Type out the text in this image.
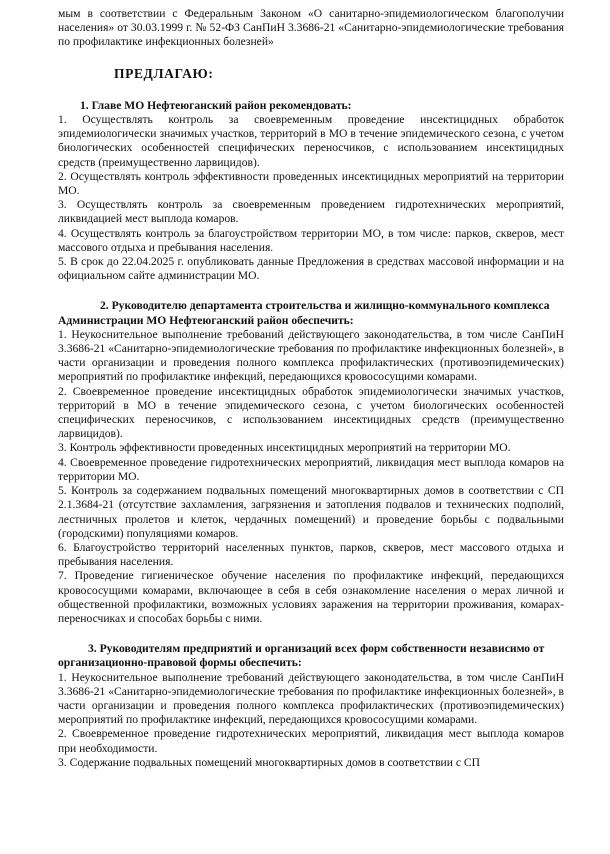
мым в соответствии с Федеральным Законом «О санитарно-эпидемиологическом благополучии населения» от 30.03.1999 г. № 52-ФЗ СанПиН 3.3686-21 «Санитарно-эпидемиологические требования по профилактике инфекционных болезней»

ПРЕДЛАГАЮ:

1. Главе МО Нефтеюганский район рекомендовать:

1. Осуществлять контроль за своевременным проведение инсектицидных обработок эпидемиологически значимых участков, территорий в МО в течение эпидемического сезона, с учетом биологических особенностей специфических переносчиков, с использованием инсектицидных средств (преимущественно ларвицидов).

2. Осуществлять контроль эффективности проведенных инсектицидных мероприятий на территории МО.

3. Осуществлять контроль за своевременным проведением гидротехнических мероприятий, ликвидацией мест выплода комаров.

4. Осуществлять контроль за благоустройством территории МО, в том числе: парков, скверов, мест массового отдыха и пребывания населения.

5. В срок до 22.04.2025 г. опубликовать данные Предложения в средствах массовой информации и на официальном сайте администрации МО.

2. Руководителю департамента строительства и жилищно-коммунального комплекса Администрации МО Нефтеюганский район обеспечить:

1. Неукоснительное выполнение требований действующего законодательства, в том числе СанПиН 3.3686-21 «Санитарно-эпидемиологические требования по профилактике инфекционных болезней», в части организации и проведения полного комплекса профилактических (противоэпидемических) мероприятий по профилактике инфекций, передающихся кровососущими комарами.

2. Своевременное проведение инсектицидных обработок эпидемиологически значимых участков, территорий в МО в течение эпидемического сезона, с учетом биологических особенностей специфических переносчиков, с использованием инсектицидных средств (преимущественно ларвицидов).

3. Контроль эффективности проведенных инсектицидных мероприятий на территории МО.

4. Своевременное проведение гидротехнических мероприятий, ликвидация мест выплода комаров на территории МО.

5. Контроль за содержанием подвальных помещений многоквартирных домов в соответствии с СП 2.1.3684-21 (отсутствие захламления, загрязнения и затопления подвалов и технических подполий, лестничных пролетов и клеток, чердачных помещений) и проведение борьбы с подвальными (городскими) популяциями комаров.

6. Благоустройство территорий населенных пунктов, парков, скверов, мест массового отдыха и пребывания населения.

7. Проведение гигиеническое обучение населения по профилактике инфекций, передающихся кровососущими комарами, включающее в себя в себя ознакомление населения о мерах личной и общественной профилактики, возможных условиях заражения на территории проживания, комарах-переносчиках и способах борьбы с ними.

3. Руководителям предприятий и организаций всех форм собственности независимо от организационно-правовой формы обеспечить:

1. Неукоснительное выполнение требований действующего законодательства, в том числе СанПиН 3.3686-21 «Санитарно-эпидемиологические требования по профилактике инфекционных болезней», в части организации и проведения полного комплекса профилактических (противоэпидемических) мероприятий по профилактике инфекций, передающихся кровососущими комарами.

2. Своевременное проведение гидротехнических мероприятий, ликвидация мест выплода комаров при необходимости.

3. Содержание подвальных помещений многоквартирных домов в соответствии с СП
